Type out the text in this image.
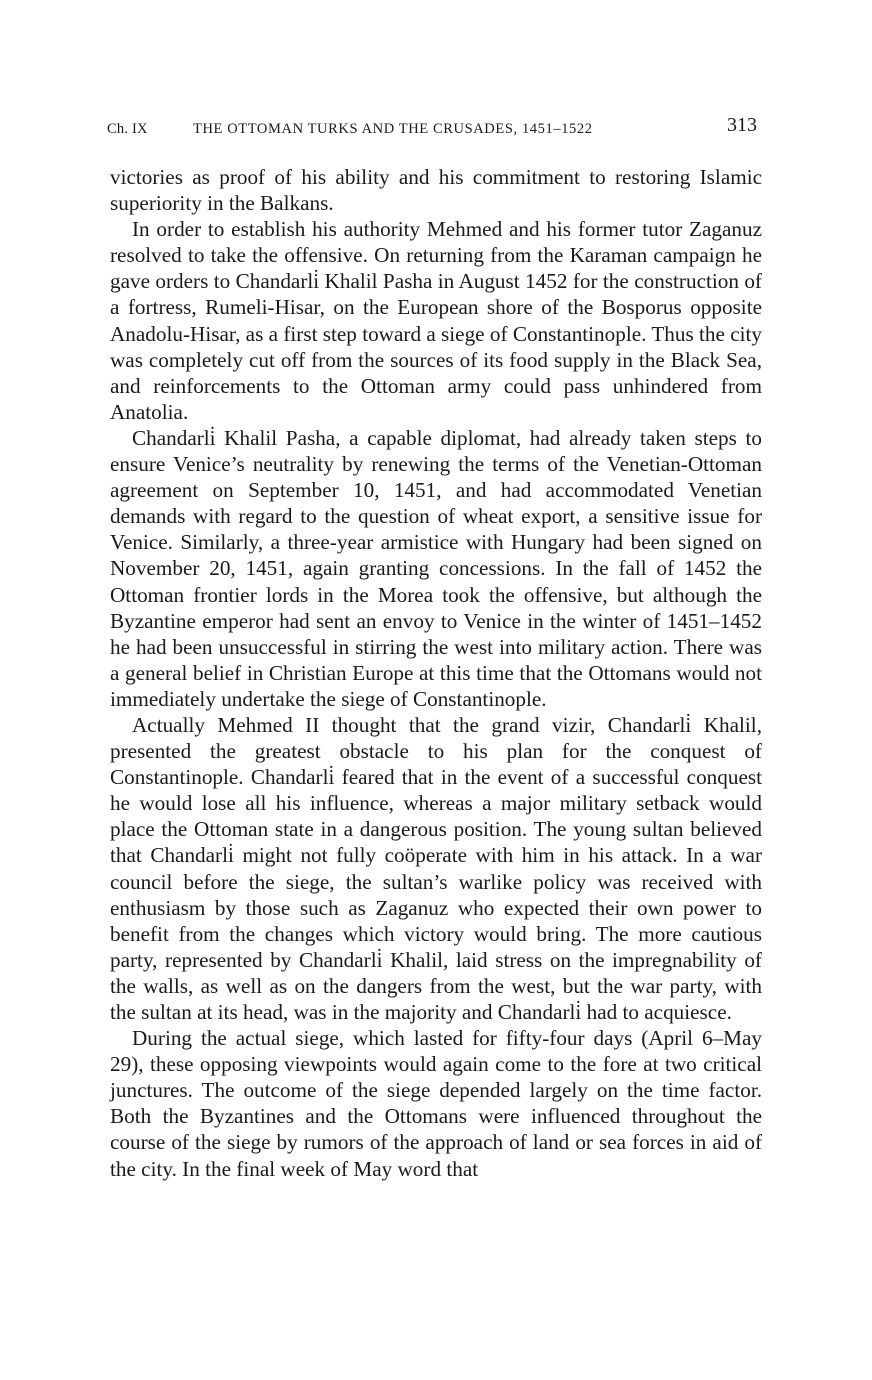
Ch. IX	THE OTTOMAN TURKS AND THE CRUSADES, 1451–1522	313

victories as proof of his ability and his commitment to restoring Islamic superiority in the Balkans.

In order to establish his authority Mehmed and his former tutor Zaganuz resolved to take the offensive. On returning from the Karaman campaign he gave orders to Chandarli̇ Khalil Pasha in August 1452 for the construction of a fortress, Rumeli-Hisar, on the European shore of the Bosporus opposite Anadolu-Hisar, as a first step toward a siege of Constantinople. Thus the city was completely cut off from the sources of its food supply in the Black Sea, and reinforcements to the Ottoman army could pass unhindered from Anatolia.

Chandarli̇ Khalil Pasha, a capable diplomat, had already taken steps to ensure Venice’s neutrality by renewing the terms of the Venetian-Ottoman agreement on September 10, 1451, and had accommodated Venetian demands with regard to the question of wheat export, a sensitive issue for Venice. Similarly, a three-year armistice with Hungary had been signed on November 20, 1451, again granting concessions. In the fall of 1452 the Ottoman frontier lords in the Morea took the offensive, but although the Byzantine emperor had sent an envoy to Venice in the winter of 1451–1452 he had been unsuccessful in stirring the west into military action. There was a general belief in Christian Europe at this time that the Ottomans would not immediately undertake the siege of Constantinople.

Actually Mehmed II thought that the grand vizir, Chandarli̇ Khalil, presented the greatest obstacle to his plan for the conquest of Constantinople. Chandarli̇ feared that in the event of a successful conquest he would lose all his influence, whereas a major military setback would place the Ottoman state in a dangerous position. The young sultan believed that Chandarli̇ might not fully coöperate with him in his attack. In a war council before the siege, the sultan’s warlike policy was received with enthusiasm by those such as Zaganuz who expected their own power to benefit from the changes which victory would bring. The more cautious party, represented by Chandarli̇ Khalil, laid stress on the impregnability of the walls, as well as on the dangers from the west, but the war party, with the sultan at its head, was in the majority and Chandarli̇ had to acquiesce.

During the actual siege, which lasted for fifty-four days (April 6–May 29), these opposing viewpoints would again come to the fore at two critical junctures. The outcome of the siege depended largely on the time factor. Both the Byzantines and the Ottomans were influenced throughout the course of the siege by rumors of the approach of land or sea forces in aid of the city. In the final week of May word that
